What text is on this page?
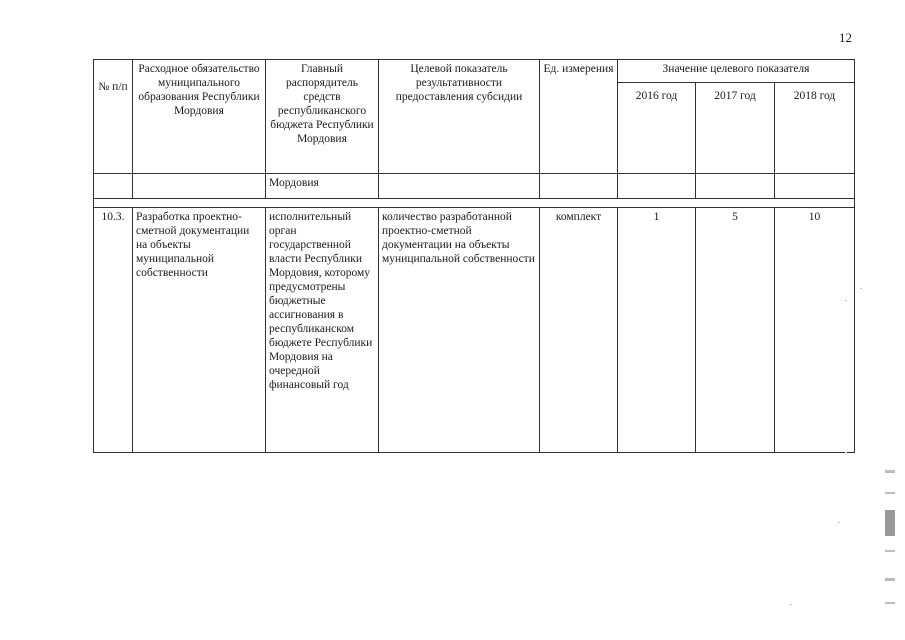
12
№ п/п	Расходное обязательство муниципального образования Республики Мордовия	Главный распорядитель средств республиканского бюджета Республики Мордовия	Целевой показатель результативности предоставления субсидии	Ед. измерения	Значение целевого показателя		
					2016 год	2017 год	2018 год
		Мордовия					

10.3.	Разработка проектно-сметной документации на объекты муниципальной собственности	исполнительный орган государственной власти Республики Мордовия, которому предусмотрены бюджетные ассигнования в республиканском бюджете Республики Мордовия на очередной финансовый год	количество разработанной проектно-сметной документации на объекты муниципальной собственности	комплект	1	5	10
